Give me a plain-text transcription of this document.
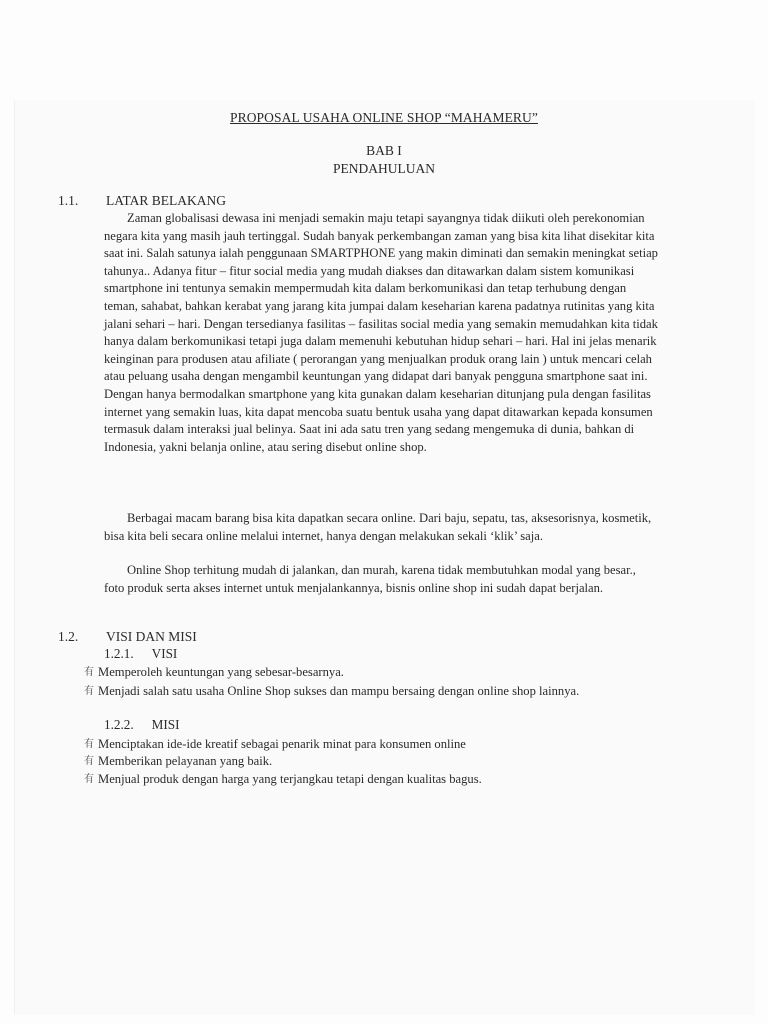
PROPOSAL USAHA ONLINE SHOP “MAHAMERU”
BAB I
PENDAHULUAN
1.1. LATAR BELAKANG
Zaman globalisasi dewasa ini menjadi semakin maju tetapi sayangnya tidak diikuti oleh perekonomian negara kita yang masih jauh tertinggal. Sudah banyak perkembangan zaman yang bisa kita lihat disekitar kita saat ini. Salah satunya ialah penggunaan SMARTPHONE yang makin diminati dan semakin meningkat setiap tahunya.. Adanya fitur – fitur social media yang mudah diakses dan ditawarkan dalam sistem komunikasi smartphone ini tentunya semakin mempermudah kita dalam berkomunikasi dan tetap terhubung dengan teman, sahabat, bahkan kerabat yang jarang kita jumpai dalam keseharian karena padatnya rutinitas yang kita jalani sehari – hari. Dengan tersedianya fasilitas – fasilitas social media yang semakin memudahkan kita tidak hanya dalam berkomunikasi tetapi juga dalam memenuhi kebutuhan hidup sehari – hari. Hal ini jelas menarik keinginan para produsen atau afiliate ( perorangan yang menjualkan produk orang lain ) untuk mencari celah atau peluang usaha dengan mengambil keuntungan yang didapat dari banyak pengguna smartphone saat ini. Dengan hanya bermodalkan smartphone yang kita gunakan dalam keseharian ditunjang pula dengan fasilitas internet yang semakin luas, kita dapat mencoba suatu bentuk usaha yang dapat ditawarkan kepada konsumen termasuk dalam interaksi jual belinya. Saat ini ada satu tren yang sedang mengemuka di dunia, bahkan di Indonesia, yakni belanja online, atau sering disebut online shop.
Berbagai macam barang bisa kita dapatkan secara online. Dari baju, sepatu, tas, aksesorisnya, kosmetik, bisa kita beli secara online melalui internet, hanya dengan melakukan sekali ‘klik’ saja.
Online Shop terhitung mudah di jalankan, dan murah, karena tidak membutuhkan modal yang besar., foto produk serta akses internet untuk menjalankannya, bisnis online shop ini sudah dapat berjalan.
1.2. VISI DAN MISI
1.2.1. VISI
有 Memperoleh keuntungan yang sebesar-besarnya.
有 Menjadi salah satu usaha Online Shop sukses dan mampu bersaing dengan online shop lainnya.
1.2.2. MISI
有 Menciptakan ide-ide kreatif sebagai penarik minat para konsumen online
有 Memberikan pelayanan yang baik.
有 Menjual produk dengan harga yang terjangkau tetapi dengan kualitas bagus.
